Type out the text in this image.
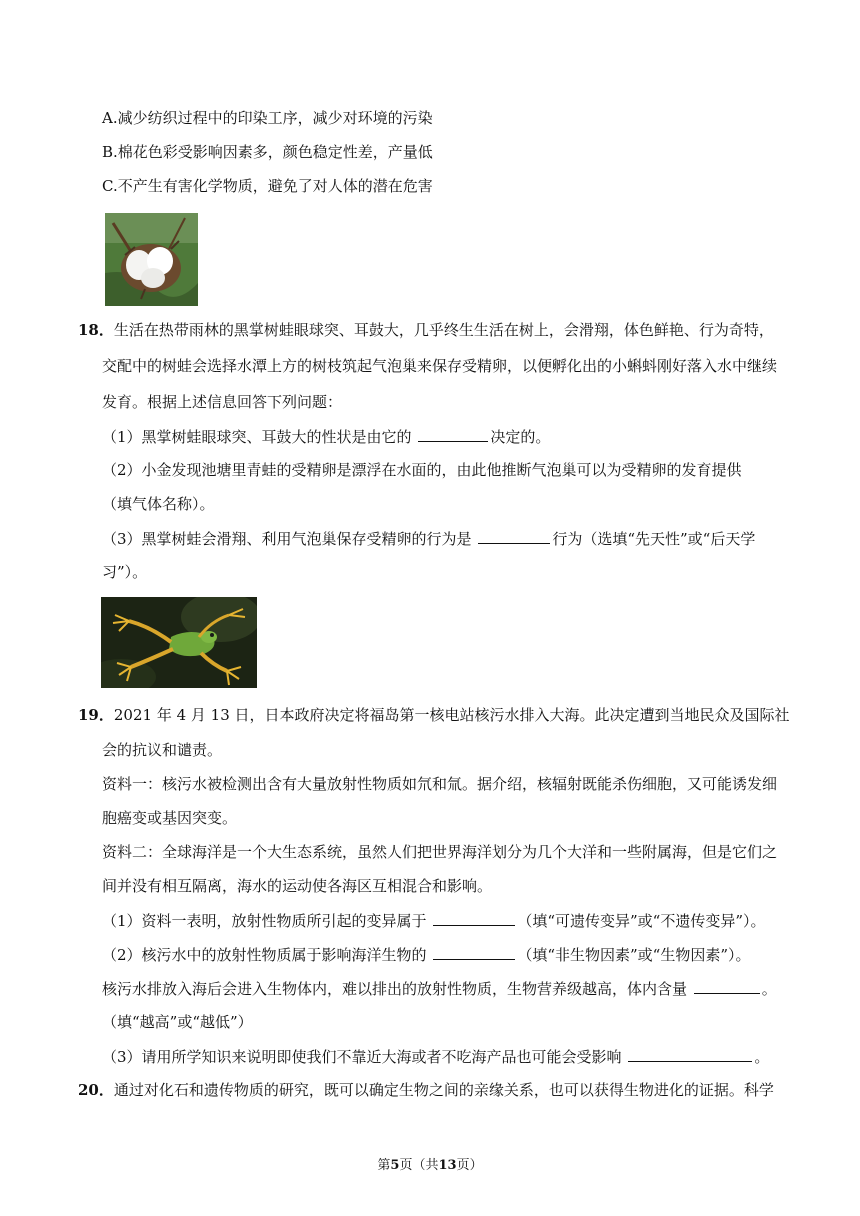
A.减少纺织过程中的印染工序，减少对环境的污染
B.棉花色彩受影响因素多，颜色稳定性差，产量低
C.不产生有害化学物质，避免了对人体的潜在危害
18．生活在热带雨林的黑掌树蛙眼球突、耳鼓大，几乎终生生活在树上，会滑翔，体色鲜艳、行为奇特，
交配中的树蛙会选择水潭上方的树枝筑起气泡巢来保存受精卵，以便孵化出的小蝌蚪刚好落入水中继续
发育。根据上述信息回答下列问题：
（1）黑掌树蛙眼球突、耳鼓大的性状是由它的	决定的。
（2）小金发现池塘里青蛙的受精卵是漂浮在水面的，由此他推断气泡巢可以为受精卵的发育提供
（填气体名称）。
（3）黑掌树蛙会滑翔、利用气泡巢保存受精卵的行为是	行为（选填“先天性”或“后天学
习”）。
19．2021 年 4 月 13 日，日本政府决定将福岛第一核电站核污水排入大海。此决定遭到当地民众及国际社
会的抗议和谴责。
资料一：核污水被检测出含有大量放射性物质如氘和氚。据介绍，核辐射既能杀伤细胞，又可能诱发细
胞癌变或基因突变。
资料二：全球海洋是一个大生态系统，虽然人们把世界海洋划分为几个大洋和一些附属海，但是它们之
间并没有相互隔离，海水的运动使各海区互相混合和影响。
（1）资料一表明，放射性物质所引起的变异属于	（填“可遗传变异”或“不遗传变异”）。
（2）核污水中的放射性物质属于影响海洋生物的	（填“非生物因素”或“生物因素”）。
核污水排放入海后会进入生物体内，难以排出的放射性物质，生物营养级越高，体内含量	。
（填“越高”或“越低”）
（3）请用所学知识来说明即使我们不靠近大海或者不吃海产品也可能会受影响	。
20．通过对化石和遗传物质的研究，既可以确定生物之间的亲缘关系，也可以获得生物进化的证据。科学
第5页（共13页）
